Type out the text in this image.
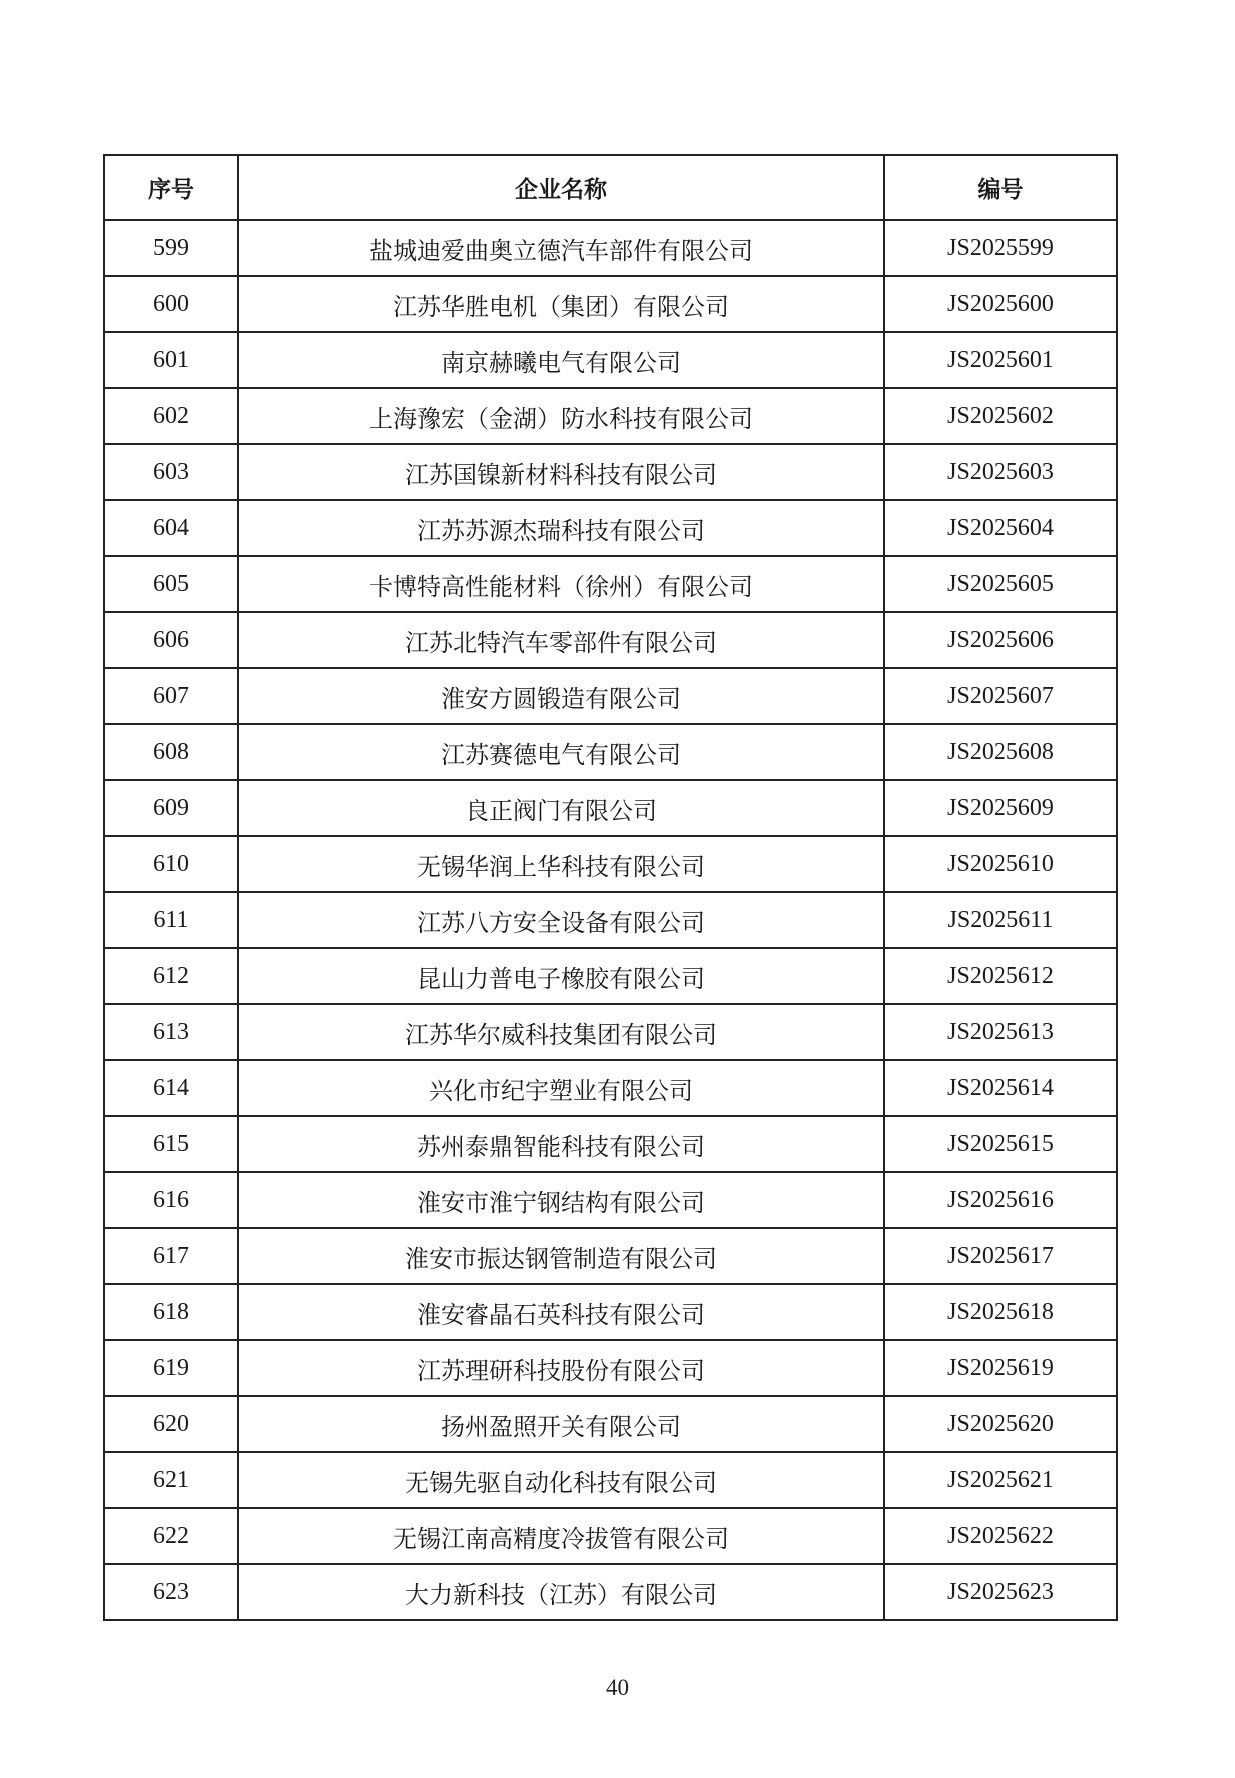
序号	企业名称	编号
599	盐城迪爱曲奥立德汽车部件有限公司	JS2025599
600	江苏华胜电机（集团）有限公司	JS2025600
601	南京赫曦电气有限公司	JS2025601
602	上海豫宏（金湖）防水科技有限公司	JS2025602
603	江苏国镍新材料科技有限公司	JS2025603
604	江苏苏源杰瑞科技有限公司	JS2025604
605	卡博特高性能材料（徐州）有限公司	JS2025605
606	江苏北特汽车零部件有限公司	JS2025606
607	淮安方圆锻造有限公司	JS2025607
608	江苏赛德电气有限公司	JS2025608
609	良正阀门有限公司	JS2025609
610	无锡华润上华科技有限公司	JS2025610
611	江苏八方安全设备有限公司	JS2025611
612	昆山力普电子橡胶有限公司	JS2025612
613	江苏华尔威科技集团有限公司	JS2025613
614	兴化市纪宇塑业有限公司	JS2025614
615	苏州泰鼎智能科技有限公司	JS2025615
616	淮安市淮宁钢结构有限公司	JS2025616
617	淮安市振达钢管制造有限公司	JS2025617
618	淮安睿晶石英科技有限公司	JS2025618
619	江苏理研科技股份有限公司	JS2025619
620	扬州盈照开关有限公司	JS2025620
621	无锡先驱自动化科技有限公司	JS2025621
622	无锡江南高精度冷拔管有限公司	JS2025622
623	大力新科技（江苏）有限公司	JS2025623
40
